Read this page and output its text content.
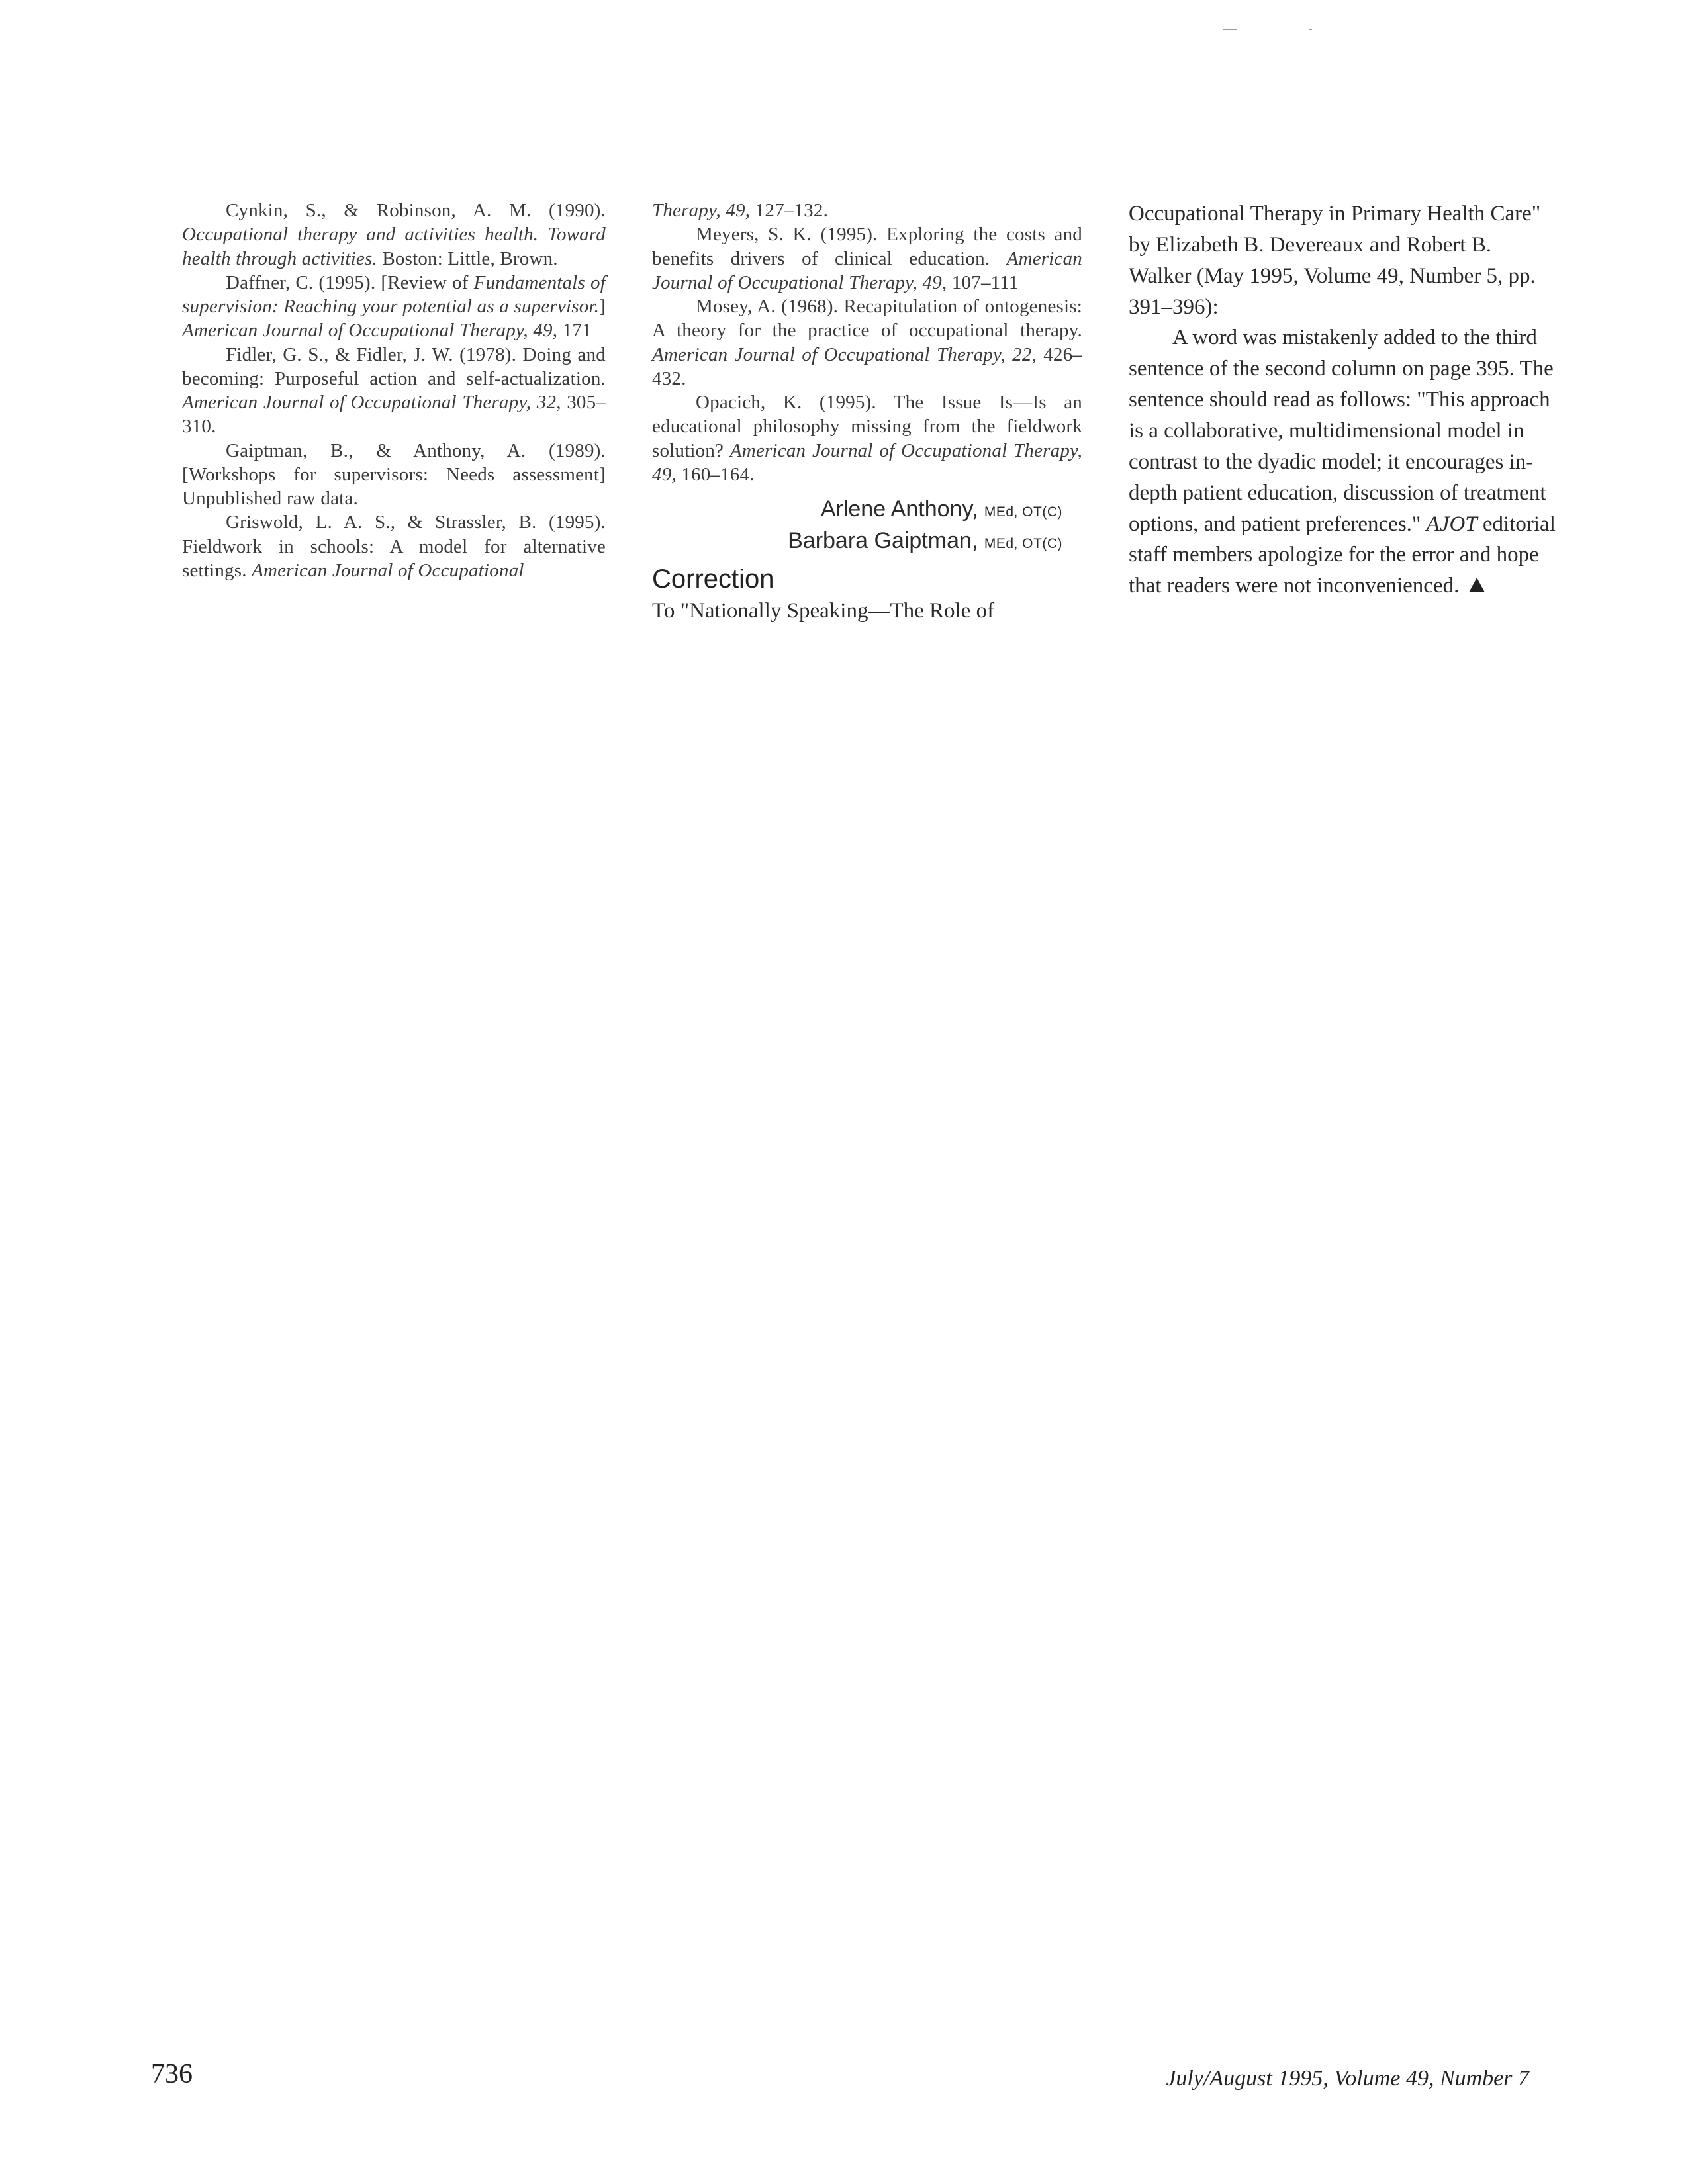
Cynkin, S., & Robinson, A. M. (1990). Occupational therapy and activities health. Toward health through activities. Boston: Little, Brown.

Daffner, C. (1995). [Review of Fundamentals of supervision: Reaching your potential as a supervisor.] American Journal of Occupational Therapy, 49, 171

Fidler, G. S., & Fidler, J. W. (1978). Doing and becoming: Purposeful action and self-actualization. American Journal of Occupational Therapy, 32, 305–310.

Gaiptman, B., & Anthony, A. (1989). [Workshops for supervisors: Needs assessment] Unpublished raw data.

Griswold, L. A. S., & Strassler, B. (1995). Fieldwork in schools: A model for alternative settings. American Journal of Occupational

Therapy, 49, 127–132.

Meyers, S. K. (1995). Exploring the costs and benefits drivers of clinical education. American Journal of Occupational Therapy, 49, 107–111

Mosey, A. (1968). Recapitulation of ontogenesis: A theory for the practice of occupational therapy. American Journal of Occupational Therapy, 22, 426–432.

Opacich, K. (1995). The Issue Is—Is an educational philosophy missing from the fieldwork solution? American Journal of Occupational Therapy, 49, 160–164.

Arlene Anthony, MEd, OT(C)
Barbara Gaiptman, MEd, OT(C)
Correction

To "Nationally Speaking—The Role of

Occupational Therapy in Primary Health Care" by Elizabeth B. Devereaux and Robert B. Walker (May 1995, Volume 49, Number 5, pp. 391–396):

A word was mistakenly added to the third sentence of the second column on page 395. The sentence should read as follows: "This approach is a collaborative, multidimensional model in contrast to the dyadic model; it encourages in-depth patient education, discussion of treatment options, and patient preferences." AJOT editorial staff members apologize for the error and hope that readers were not inconvenienced.

736	July/August 1995, Volume 49, Number 7
